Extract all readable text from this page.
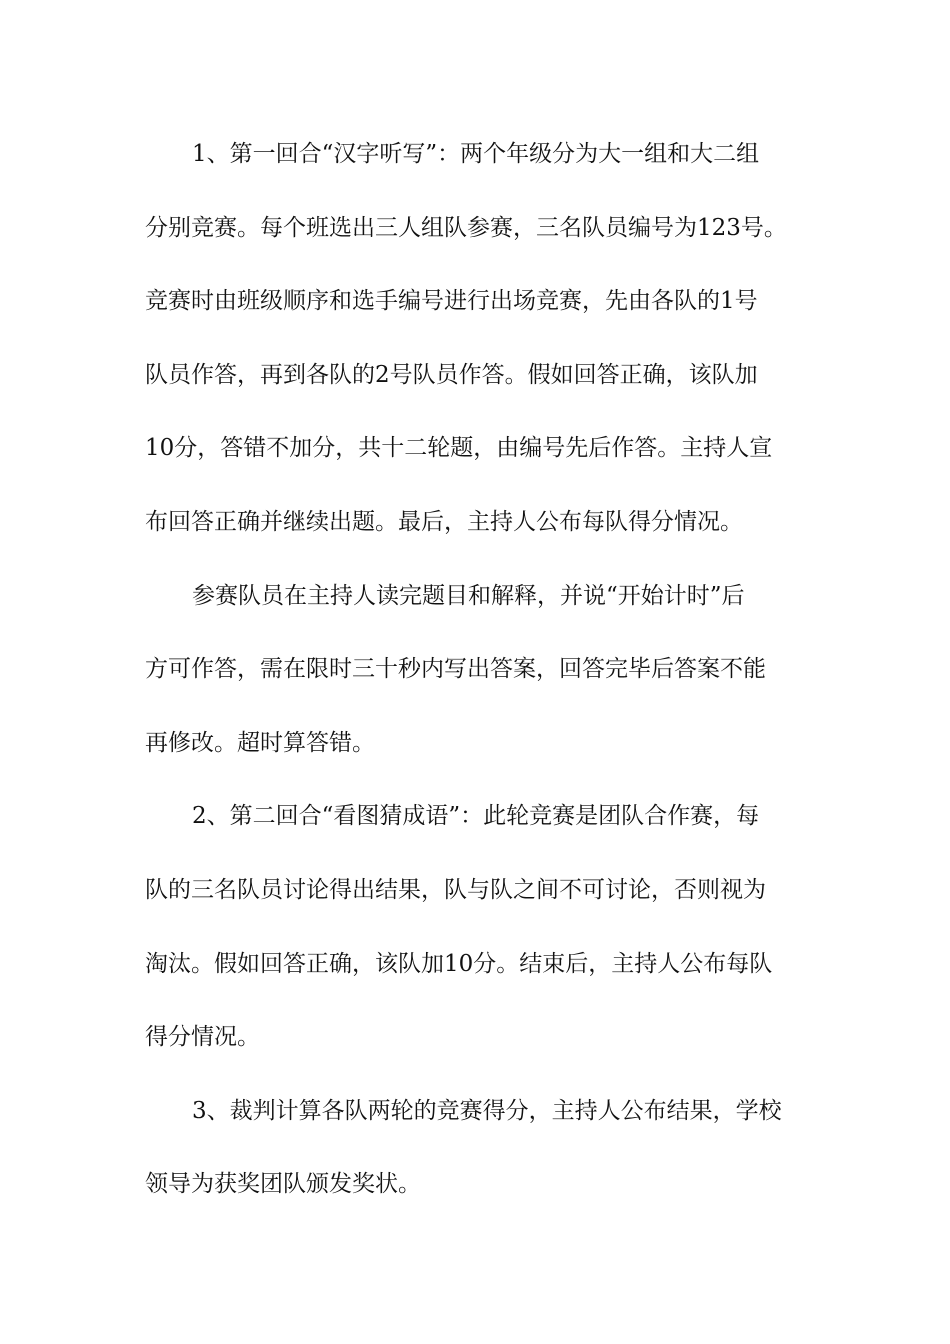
1、第一回合“汉字听写”：两个年级分为大一组和大二组
分别竞赛。每个班选出三人组队参赛，三名队员编号为123号。
竞赛时由班级顺序和选手编号进行出场竞赛，先由各队的1号
队员作答，再到各队的2号队员作答。假如回答正确，该队加
10分，答错不加分，共十二轮题，由编号先后作答。主持人宣
布回答正确并继续出题。最后，主持人公布每队得分情况。
参赛队员在主持人读完题目和解释，并说“开始计时”后
方可作答，需在限时三十秒内写出答案，回答完毕后答案不能
再修改。超时算答错。
2、第二回合“看图猜成语”：此轮竞赛是团队合作赛，每
队的三名队员讨论得出结果，队与队之间不可讨论，否则视为
淘汰。假如回答正确，该队加10分。结束后，主持人公布每队
得分情况。
3、裁判计算各队两轮的竞赛得分，主持人公布结果，学校
领导为获奖团队颁发奖状。
